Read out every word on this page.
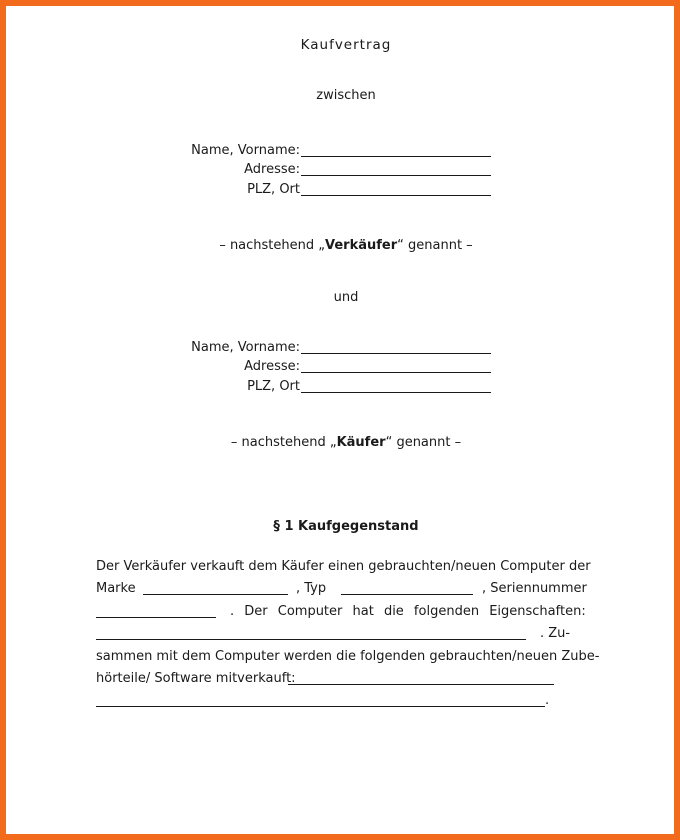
Kaufvertrag
zwischen
Name, Vorname:
Adresse:
PLZ, Ort
– nachstehend „Verkäufer“ genannt –
und
Name, Vorname:
Adresse:
PLZ, Ort
– nachstehend „Käufer“ genannt –
§ 1 Kaufgegenstand
Der Verkäufer verkauft dem Käufer einen gebrauchten/neuen Computer der
Marke	, Typ	, Seriennummer
. Der Computer hat die folgenden Eigenschaften:
. Zu-
sammen mit dem Computer werden die folgenden gebrauchten/neuen Zube-
hörteile/ Software mitverkauft:
.
